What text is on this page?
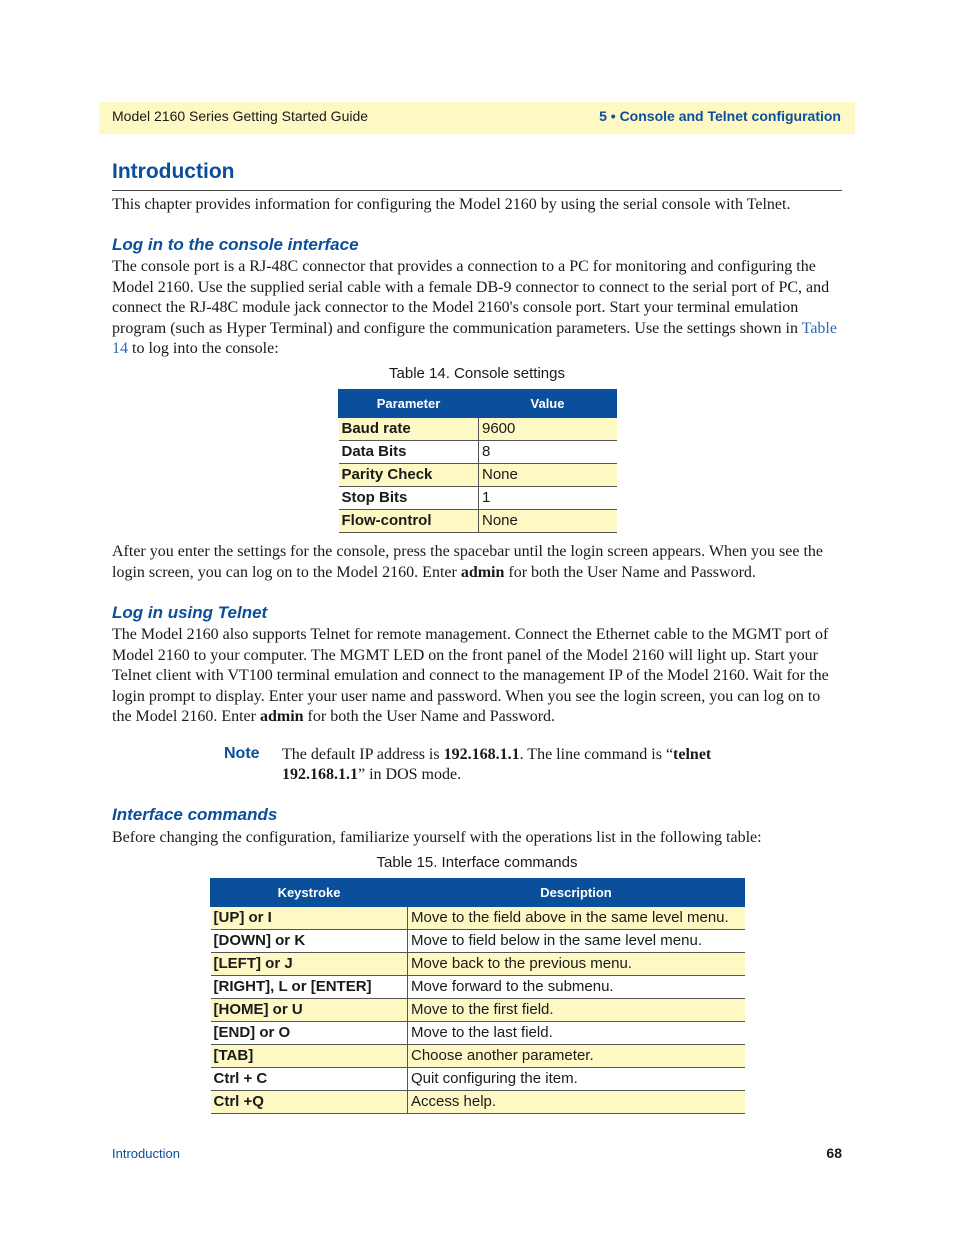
Model 2160 Series Getting Started Guide	5 • Console and Telnet configuration
Introduction

This chapter provides information for configuring the Model 2160 by using the serial console with Telnet.

Log in to the console interface

The console port is a RJ-48C connector that provides a connection to a PC for monitoring and configuring the Model 2160. Use the supplied serial cable with a female DB-9 connector to connect to the serial port of PC, and connect the RJ-48C module jack connector to the Model 2160's console port. Start your terminal emulation program (such as Hyper Terminal) and configure the communication parameters. Use the settings shown in Table 14 to log into the console:

Table 14. Console settings
Parameter	Value
Baud rate	9600
Data Bits	8
Parity Check	None
Stop Bits	1
Flow-control	None

After you enter the settings for the console, press the spacebar until the login screen appears. When you see the login screen, you can log on to the Model 2160. Enter admin for both the User Name and Password.

Log in using Telnet

The Model 2160 also supports Telnet for remote management. Connect the Ethernet cable to the MGMT port of Model 2160 to your computer. The MGMT LED on the front panel of the Model 2160 will light up. Start your Telnet client with VT100 terminal emulation and connect to the management IP of the Model 2160. Wait for the login prompt to display. Enter your user name and password. When you see the login screen, you can log on to the Model 2160. Enter admin for both the User Name and Password.

Note The default IP address is 192.168.1.1. The line command is “telnet 192.168.1.1” in DOS mode.

Interface commands

Before changing the configuration, familiarize yourself with the operations list in the following table:

Table 15. Interface commands
Keystroke	Description
[UP] or I	Move to the field above in the same level menu.
[DOWN] or K	Move to field below in the same level menu.
[LEFT] or J	Move back to the previous menu.
[RIGHT], L or [ENTER]	Move forward to the submenu.
[HOME] or U	Move to the first field.
[END] or O	Move to the last field.
[TAB]	Choose another parameter.
Ctrl + C	Quit configuring the item.
Ctrl +Q	Access help.
Introduction	68
